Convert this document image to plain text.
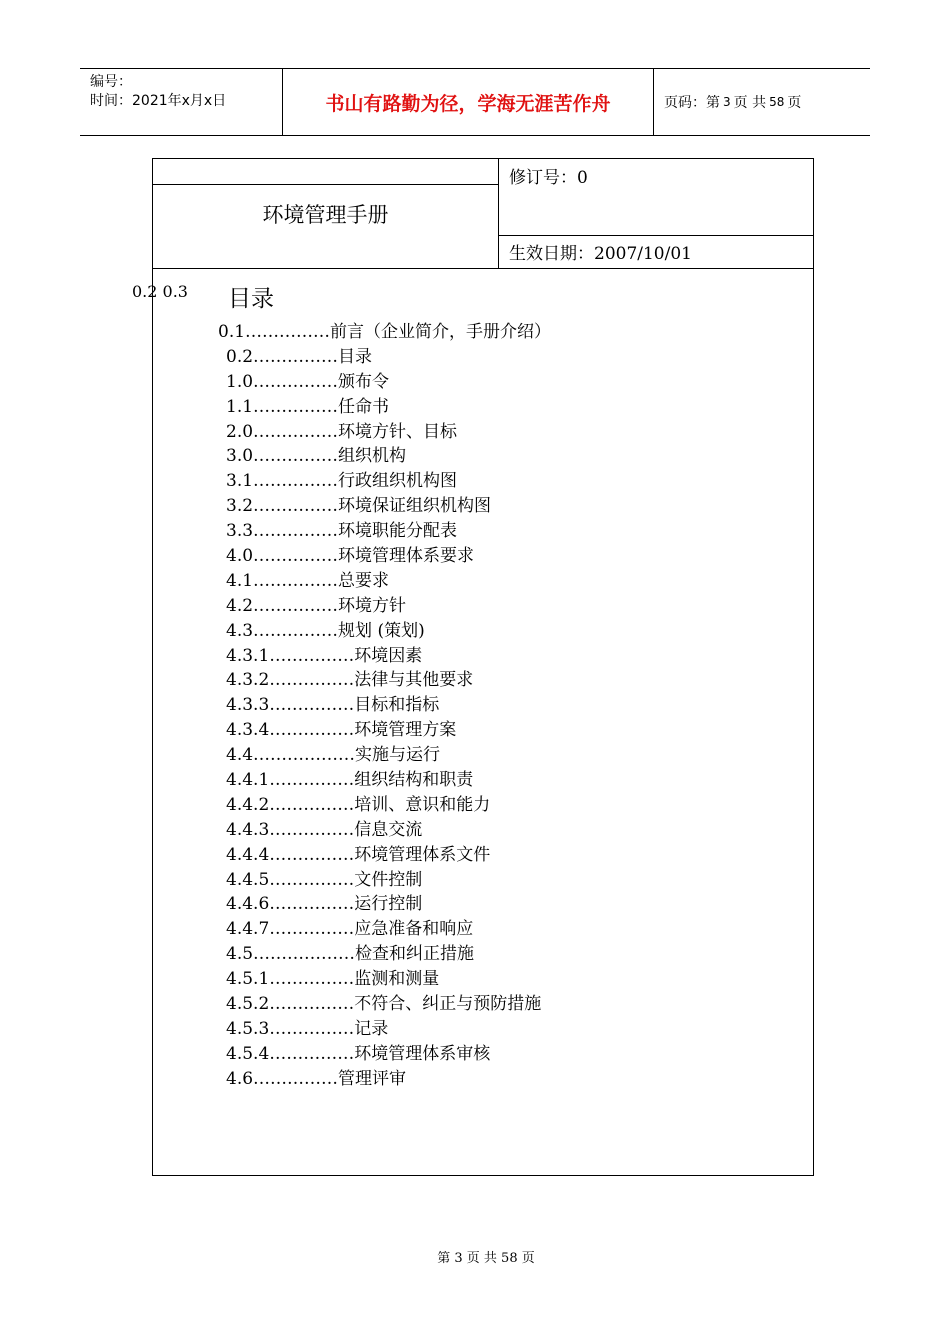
编号：
时间：2021年x月x日	书山有路勤为径，学海无涯苦作舟	页码：第 3 页 共 58 页
环境管理手册
修订号：0
生效日期：2007/10/01
0.2 0.3 目录
0.1……………前言（企业简介，手册介绍）
0.2……………目录
1.0……………颁布令
1.1……………任命书
2.0……………环境方针、目标
3.0……………组织机构
3.1……………行政组织机构图
3.2……………环境保证组织机构图
3.3……………环境职能分配表
4.0……………环境管理体系要求
4.1……………总要求
4.2……………环境方针
4.3……………规划 (策划)
4.3.1……………环境因素
4.3.2……………法律与其他要求
4.3.3……………目标和指标
4.3.4……………环境管理方案
4.4………………实施与运行
4.4.1……………组织结构和职责
4.4.2……………培训、意识和能力
4.4.3……………信息交流
4.4.4……………环境管理体系文件
4.4.5……………文件控制
4.4.6……………运行控制
4.4.7……………应急准备和响应
4.5………………检查和纠正措施
4.5.1……………监测和测量
4.5.2……………不符合、纠正与预防措施
4.5.3……………记录
4.5.4……………环境管理体系审核
4.6……………管理评审
第 3 页 共 58 页
